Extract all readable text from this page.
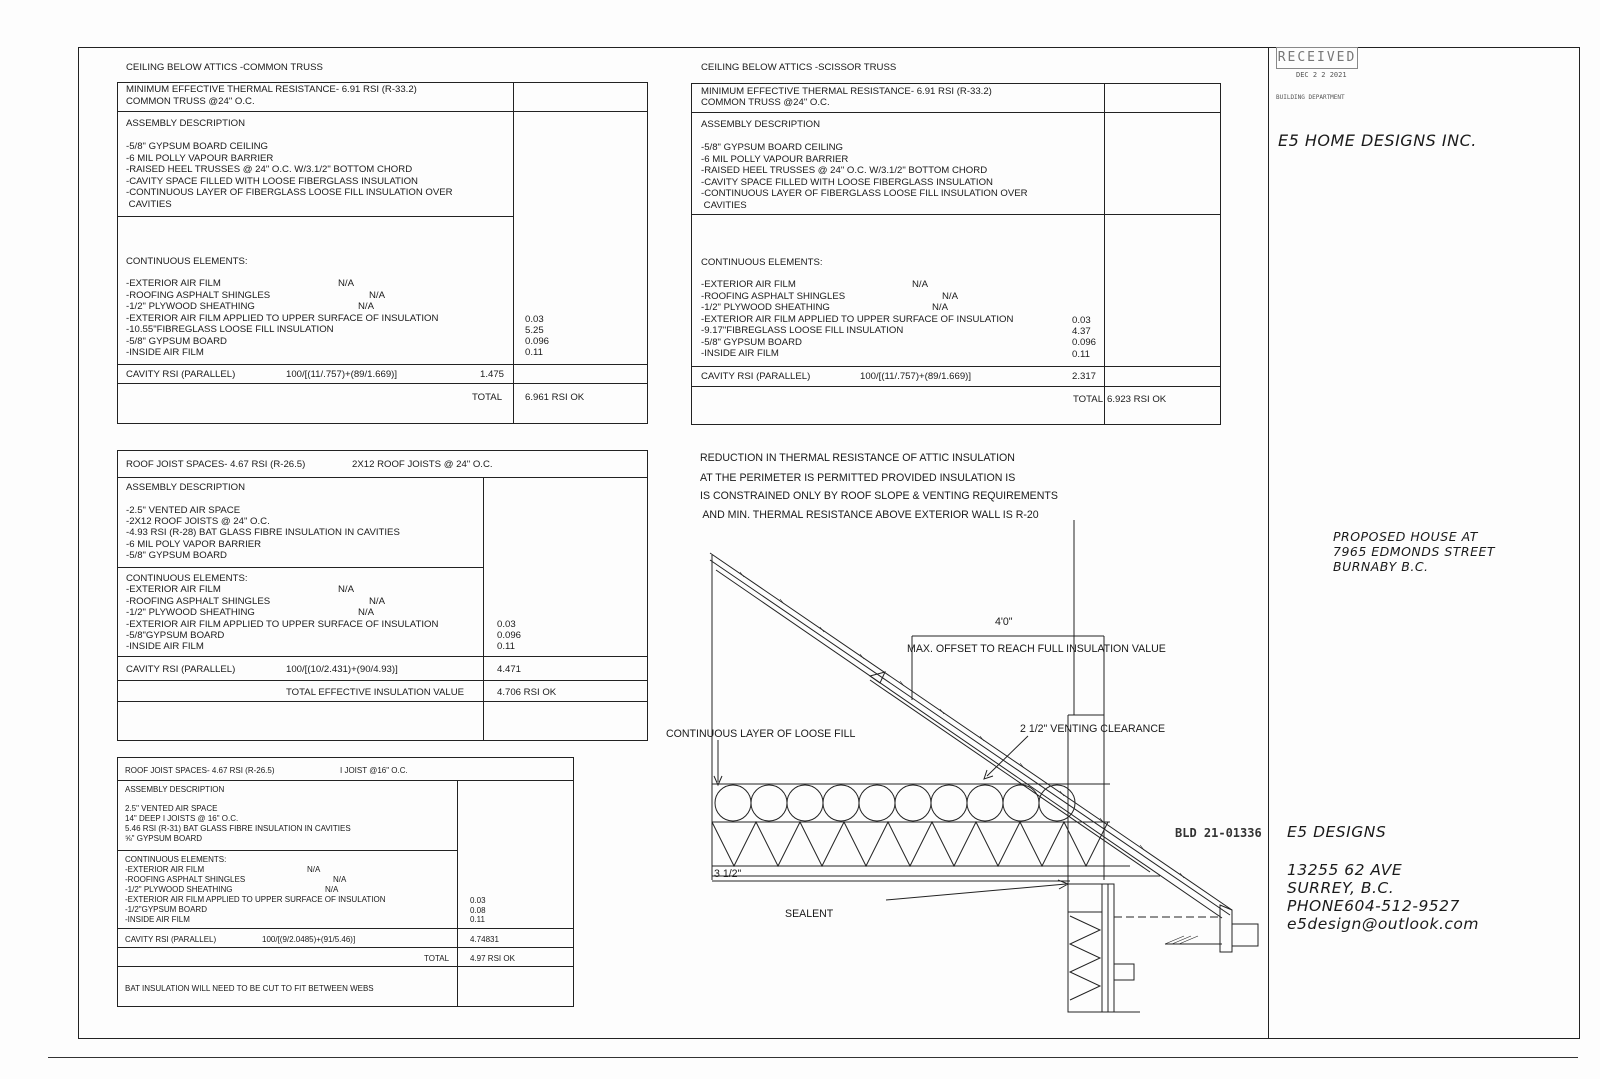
CEILING BELOW ATTICS -COMMON TRUSS
MINIMUM EFFECTIVE THERMAL RESISTANCE- 6.91 RSI (R-33.2)
COMMON TRUSS @24" O.C.
ASSEMBLY DESCRIPTION
-5/8" GYPSUM BOARD CEILING
-6 MIL POLLY VAPOUR BARRIER
-RAISED HEEL TRUSSES @ 24" O.C. W/3.1/2" BOTTOM CHORD
-CAVITY SPACE FILLED WITH LOOSE FIBERGLASS INSULATION
-CONTINUOUS LAYER OF FIBERGLASS LOOSE FILL INSULATION OVER
CAVITIES
CONTINUOUS ELEMENTS:
-EXTERIOR AIR FILM	N/A
-ROOFING ASPHALT SHINGLES	N/A
-1/2" PLYWOOD SHEATHING	N/A
-EXTERIOR AIR FILM APPLIED TO UPPER SURFACE OF INSULATION	0.03
-10.55"FIBREGLASS LOOSE FILL INSULATION	5.25
-5/8" GYPSUM BOARD	0.096
-INSIDE AIR FILM	0.11
CAVITY RSI (PARALLEL)	100/[(11/.757)+(89/1.669)]	1.475
TOTAL 6.961 RSI OK
CEILING BELOW ATTICS -SCISSOR TRUSS
MINIMUM EFFECTIVE THERMAL RESISTANCE- 6.91 RSI (R-33.2)
COMMON TRUSS @24" O.C.
ASSEMBLY DESCRIPTION
-5/8" GYPSUM BOARD CEILING
-6 MIL POLLY VAPOUR BARRIER
-RAISED HEEL TRUSSES @ 24" O.C. W/3.1/2" BOTTOM CHORD
-CAVITY SPACE FILLED WITH LOOSE FIBERGLASS INSULATION
-CONTINUOUS LAYER OF FIBERGLASS LOOSE FILL INSULATION OVER
CAVITIES
CONTINUOUS ELEMENTS:
-EXTERIOR AIR FILM	N/A
-ROOFING ASPHALT SHINGLES	N/A
-1/2" PLYWOOD SHEATHING	N/A
-EXTERIOR AIR FILM APPLIED TO UPPER SURFACE OF INSULATION	0.03
-9.17"FIBREGLASS LOOSE FILL INSULATION	4.37
-5/8" GYPSUM BOARD	0.096
-INSIDE AIR FILM	0.11
CAVITY RSI (PARALLEL)	100/[(11/.757)+(89/1.669)]	2.317
TOTAL 6.923 RSI OK
ROOF JOIST SPACES- 4.67 RSI (R-26.5)	2X12 ROOF JOISTS @ 24" O.C.
ASSEMBLY DESCRIPTION
-2.5" VENTED AIR SPACE
-2X12 ROOF JOISTS @ 24" O.C.
-4.93 RSI (R-28) BAT GLASS FIBRE INSULATION IN CAVITIES
-6 MIL POLY VAPOR BARRIER
-5/8" GYPSUM BOARD
CONTINUOUS ELEMENTS:
-EXTERIOR AIR FILM	N/A
-ROOFING ASPHALT SHINGLES	N/A
-1/2" PLYWOOD SHEATHING	N/A
-EXTERIOR AIR FILM APPLIED TO UPPER SURFACE OF INSULATION	0.03
-5/8"GYPSUM BOARD	0.096
-INSIDE AIR FILM	0.11
CAVITY RSI (PARALLEL)	100/[(10/2.431)+(90/4.93)]	4.471
TOTAL EFFECTIVE INSULATION VALUE	4.706 RSI OK
ROOF JOIST SPACES- 4.67 RSI (R-26.5)	I JOIST @16" O.C.
ASSEMBLY DESCRIPTION
2.5" VENTED AIR SPACE
14" DEEP I JOISTS @ 16" O.C.
5.46 RSI (R-31) BAT GLASS FIBRE INSULATION IN CAVITIES
⅝" GYPSUM BOARD
CONTINUOUS ELEMENTS:
-EXTERIOR AIR FILM	N/A
-ROOFING ASPHALT SHINGLES	N/A
-1/2" PLYWOOD SHEATHING	N/A
-EXTERIOR AIR FILM APPLIED TO UPPER SURFACE OF INSULATION	0.03
-1/2"GYPSUM BOARD	0.08
-INSIDE AIR FILM	0.11
CAVITY RSI (PARALLEL)	100/[(9/2.0485)+(91/5.46)]	4.74831
TOTAL	4.97 RSI OK
BAT INSULATION WILL NEED TO BE CUT TO FIT BETWEEN WEBS
REDUCTION IN THERMAL RESISTANCE OF ATTIC INSULATION
AT THE PERIMETER IS PERMITTED PROVIDED INSULATION IS
IS CONSTRAINED ONLY BY ROOF SLOPE & VENTING REQUIREMENTS
AND MIN. THERMAL RESISTANCE ABOVE EXTERIOR WALL IS R-20
4'0"
MAX. OFFSET TO REACH FULL INSULATION VALUE
2 1/2" VENTING CLEARANCE
CONTINUOUS LAYER OF LOOSE FILL
3 1/2"
SEALENT
RECEIVED
DEC 2 2 2021
BUILDING DEPARTMENT
E5 HOME DESIGNS INC.
PROPOSED HOUSE AT
7965 EDMONDS STREET
BURNABY B.C.
BLD 21-01336 E5 DESIGNS
13255 62 AVE
SURREY, B.C.
PHONE604-512-9527
e5design@outlook.com
